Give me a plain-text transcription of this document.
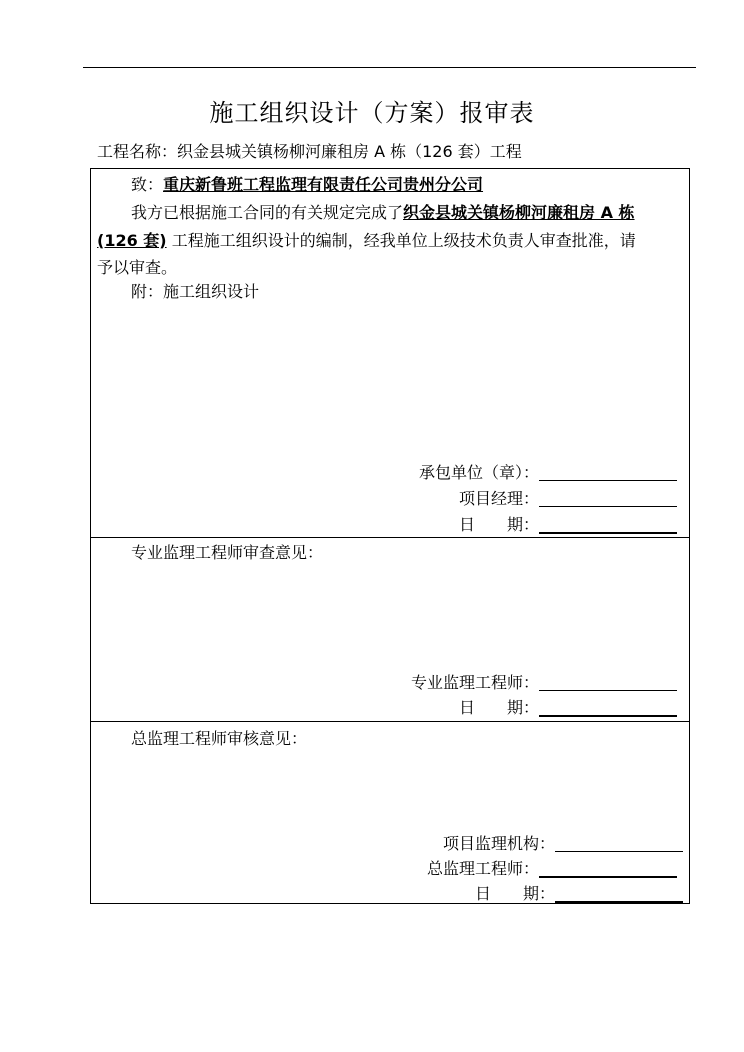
施工组织设计（方案）报审表
工程名称：织金县城关镇杨柳河廉租房 A 栋（126 套）工程
致：重庆新鲁班工程监理有限责任公司贵州分公司
我方已根据施工合同的有关规定完成了织金县城关镇杨柳河廉租房 A 栋
(126 套) 工程施工组织设计的编制，经我单位上级技术负责人审查批准，请
予以审查。
附：施工组织设计
承包单位（章）：
项目经理：
日　　期：
专业监理工程师审查意见：
专业监理工程师：
日　　期：
总监理工程师审核意见：
项目监理机构：
总监理工程师：
日　　期：
